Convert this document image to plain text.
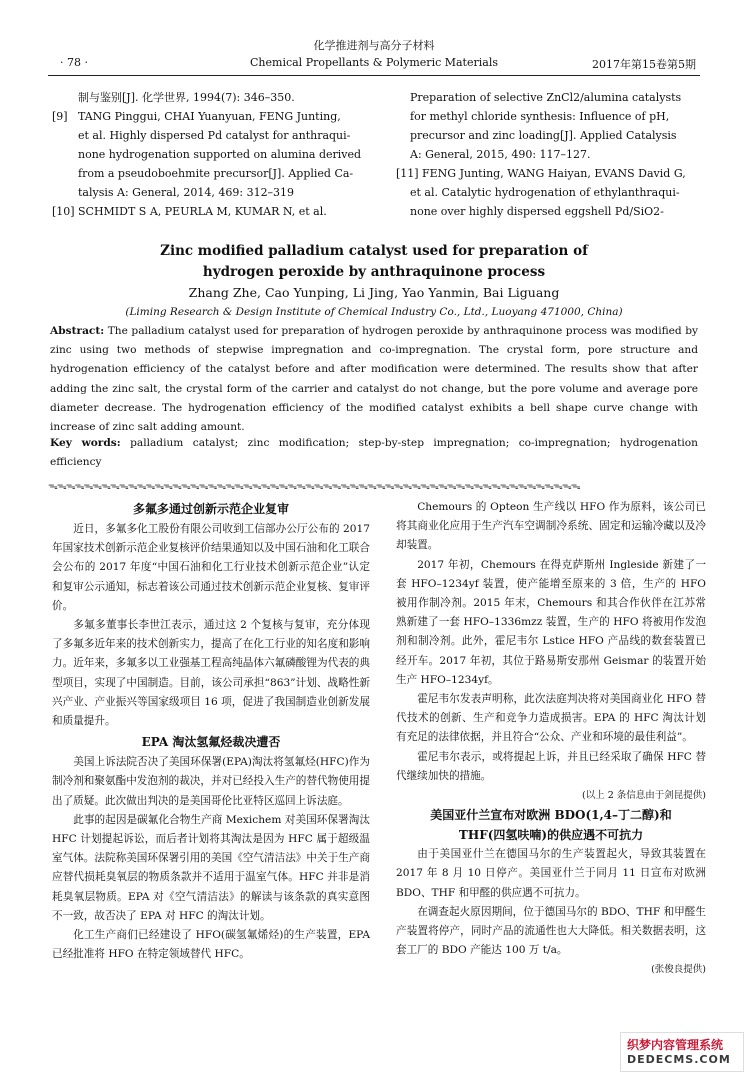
化学推进剂与高分子材料
· 78 ·	Chemical Propellants & Polymeric Materials	2017年第15卷第5期
制与鉴别[J]. 化学世界, 1994(7): 346–350.
[9] TANG Pinggui, CHAI Yuanyuan, FENG Junting,
et al. Highly dispersed Pd catalyst for anthraqui-
none hydrogenation supported on alumina derived
from a pseudoboehmite precursor[J]. Applied Ca-
talysis A: General, 2014, 469: 312–319
[10] SCHMIDT S A, PEURLA M, KUMAR N, et al.
Preparation of selective ZnCl2/alumina catalysts
for methyl chloride synthesis: Influence of pH,
precursor and zinc loading[J]. Applied Catalysis
A: General, 2015, 490: 117–127.
[11] FENG Junting, WANG Haiyan, EVANS David G,
et al. Catalytic hydrogenation of ethylanthraqui-
none over highly dispersed eggshell Pd/SiO2-
Zinc modified palladium catalyst used for preparation of
hydrogen peroxide by anthraquinone process
Zhang Zhe, Cao Yunping, Li Jing, Yao Yanmin, Bai Liguang
(Liming Research & Design Institute of Chemical Industry Co., Ltd., Luoyang 471000, China)
Abstract: The palladium catalyst used for preparation of hydrogen peroxide by anthraquinone process was modified by zinc using two methods of stepwise impregnation and co-impregnation. The crystal form, pore structure and hydrogenation efficiency of the catalyst before and after modification were determined. The results show that after adding the zinc salt, the crystal form of the carrier and catalyst do not change, but the pore volume and average pore diameter decrease. The hydrogenation efficiency of the modified catalyst exhibits a bell shape curve change with increase of zinc salt adding amount.
Key words: palladium catalyst; zinc modification; step-by-step impregnation; co-impregnation; hydrogenation efficiency
ᯓᯓᯓᯓᯓᯓᯓᯓᯓᯓᯓᯓᯓᯓᯓᯓᯓᯓᯓᯓᯓᯓᯓᯓᯓᯓᯓᯓᯓᯓᯓᯓᯓᯓᯓᯓᯓᯓᯓᯓᯓᯓᯓᯓᯓᯓᯓᯓᯓᯓᯓᯓᯓᯓᯓᯓᯓᯓᯓᯓ

多氟多通过创新示范企业复审

近日，多氟多化工股份有限公司收到工信部办公厅公布的 2017 年国家技术创新示范企业复核评价结果通知以及中国石油和化工联合会公布的 2017 年度“中国石油和化工行业技术创新示范企业”认定和复审公示通知，标志着该公司通过技术创新示范企业复核、复审评价。

多氟多董事长李世江表示，通过这 2 个复核与复审，充分体现了多氟多近年来的技术创新实力，提高了在化工行业的知名度和影响力。近年来，多氟多以工业强基工程高纯晶体六氟磷酸锂为代表的典型项目，实现了中国制造。目前，该公司承担“863”计划、战略性新兴产业、产业振兴等国家级项目 16 项，促进了我国制造业创新发展和质量提升。

EPA 淘汰氢氟烃裁决遭否

美国上诉法院否决了美国环保署(EPA)淘汰将氢氟烃(HFC)作为制冷剂和聚氨酯中发泡剂的裁决，并对已经投入生产的替代物使用提出了质疑。此次做出判决的是美国哥伦比亚特区巡回上诉法庭。

此事的起因是碳氟化合物生产商 Mexichem 对美国环保署淘汰 HFC 计划提起诉讼，而后者计划将其淘汰是因为 HFC 属于超级温室气体。法院称美国环保署引用的美国《空气清洁法》中关于生产商应替代损耗臭氧层的物质条款并不适用于温室气体。HFC 并非是消耗臭氧层物质。EPA 对《空气清洁法》的解读与该条款的真实意图不一致，故否决了 EPA 对 HFC 的淘汰计划。

化工生产商们已经建设了 HFO(碳氢氟烯烃)的生产装置，EPA 已经批准将 HFO 在特定领域替代 HFC。

Chemours 的 Opteon 生产线以 HFO 作为原料，该公司已将其商业化应用于生产汽车空调制冷系统、固定和运输冷藏以及冷却装置。

2017 年初，Chemours 在得克萨斯州 Ingleside 新建了一套 HFO–1234yf 装置，使产能增至原来的 3 倍，生产的 HFO 被用作制冷剂。2015 年末，Chemours 和其合作伙伴在江苏常熟新建了一套 HFO–1336mzz 装置，生产的 HFO 将被用作发泡剂和制冷剂。此外，霍尼韦尔 Lstice HFO 产品线的数套装置已经开车。2017 年初，其位于路易斯安那州 Geismar 的装置开始生产 HFO–1234yf。

霍尼韦尔发表声明称，此次法庭判决将对美国商业化 HFO 替代技术的创新、生产和竞争力造成损害。EPA 的 HFC 淘汰计划有充足的法律依据，并且符合“公众、产业和环境的最佳利益”。

霍尼韦尔表示，或将提起上诉，并且已经采取了确保 HFC 替代继续加快的措施。

(以上 2 条信息由于剑昆提供)

美国亚什兰宣布对欧洲 BDO(1,4–丁二醇)和

THF(四氢呋喃)的供应遇不可抗力

由于美国亚什兰在德国马尔的生产装置起火，导致其装置在 2017 年 8 月 10 日停产。美国亚什兰于同月 11 日宣布对欧洲 BDO、THF 和甲醛的供应遇不可抗力。

在调查起火原因期间，位于德国马尔的 BDO、THF 和甲醛生产装置将停产，同时产品的流通性也大大降低。相关数据表明，这套工厂的 BDO 产能达 100 万 t/a。

(张俊良提供)

织梦内容管理系统
DEDECMS.COM
